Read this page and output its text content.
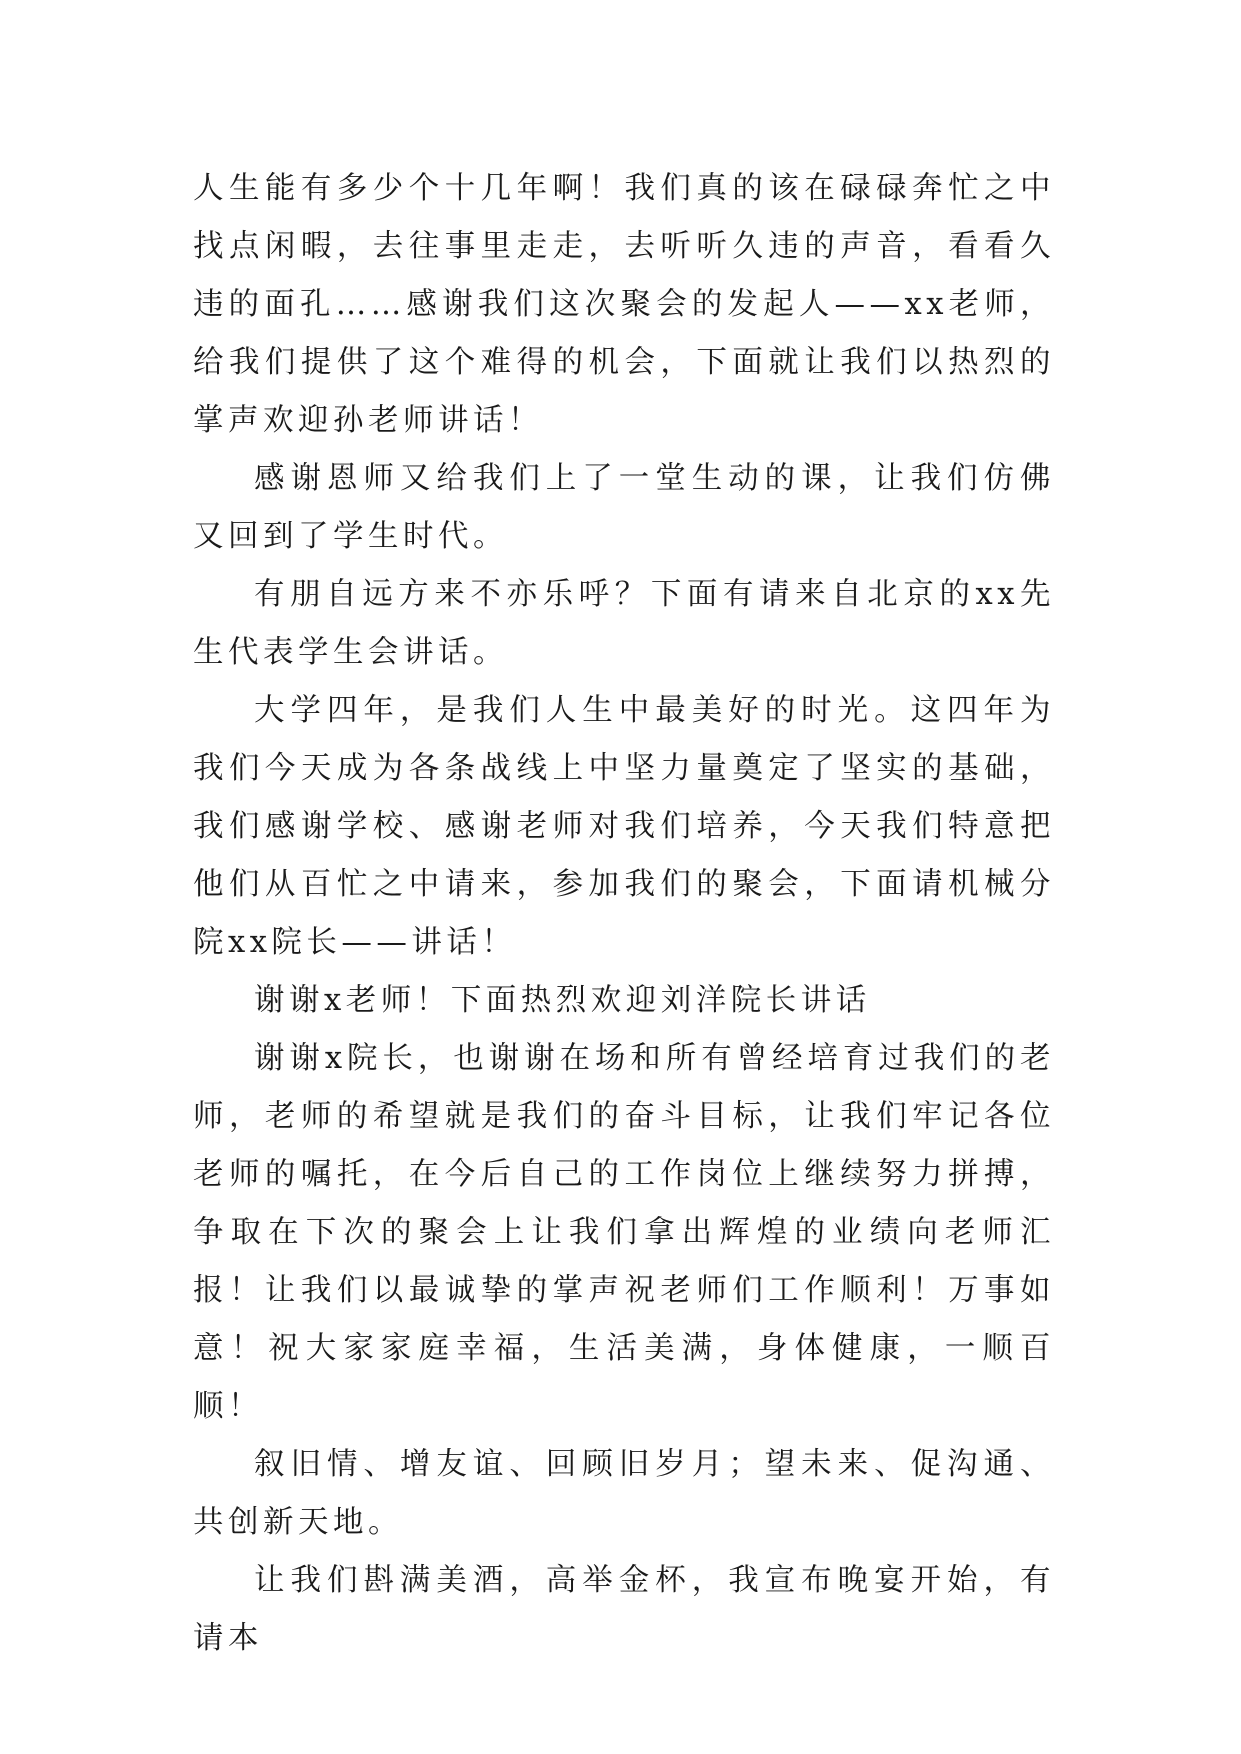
人生能有多少个十几年啊！我们真的该在碌碌奔忙之中找点闲暇，去往事里走走，去听听久违的声音，看看久违的面孔……感谢我们这次聚会的发起人——xx老师，给我们提供了这个难得的机会，下面就让我们以热烈的掌声欢迎孙老师讲话！

感谢恩师又给我们上了一堂生动的课，让我们仿佛又回到了学生时代。

有朋自远方来不亦乐呼？下面有请来自北京的xx先生代表学生会讲话。

大学四年，是我们人生中最美好的时光。这四年为我们今天成为各条战线上中坚力量奠定了坚实的基础，我们感谢学校、感谢老师对我们培养，今天我们特意把他们从百忙之中请来，参加我们的聚会，下面请机械分院xx院长——讲话！

谢谢x老师！下面热烈欢迎刘洋院长讲话

谢谢x院长，也谢谢在场和所有曾经培育过我们的老师，老师的希望就是我们的奋斗目标，让我们牢记各位老师的嘱托，在今后自己的工作岗位上继续努力拼搏，争取在下次的聚会上让我们拿出辉煌的业绩向老师汇报！让我们以最诚挚的掌声祝老师们工作顺利！万事如意！祝大家家庭幸福，生活美满，身体健康，一顺百顺！

叙旧情、增友谊、回顾旧岁月；望未来、促沟通、共创新天地。

让我们斟满美酒，高举金杯，我宣布晚宴开始，有请本
